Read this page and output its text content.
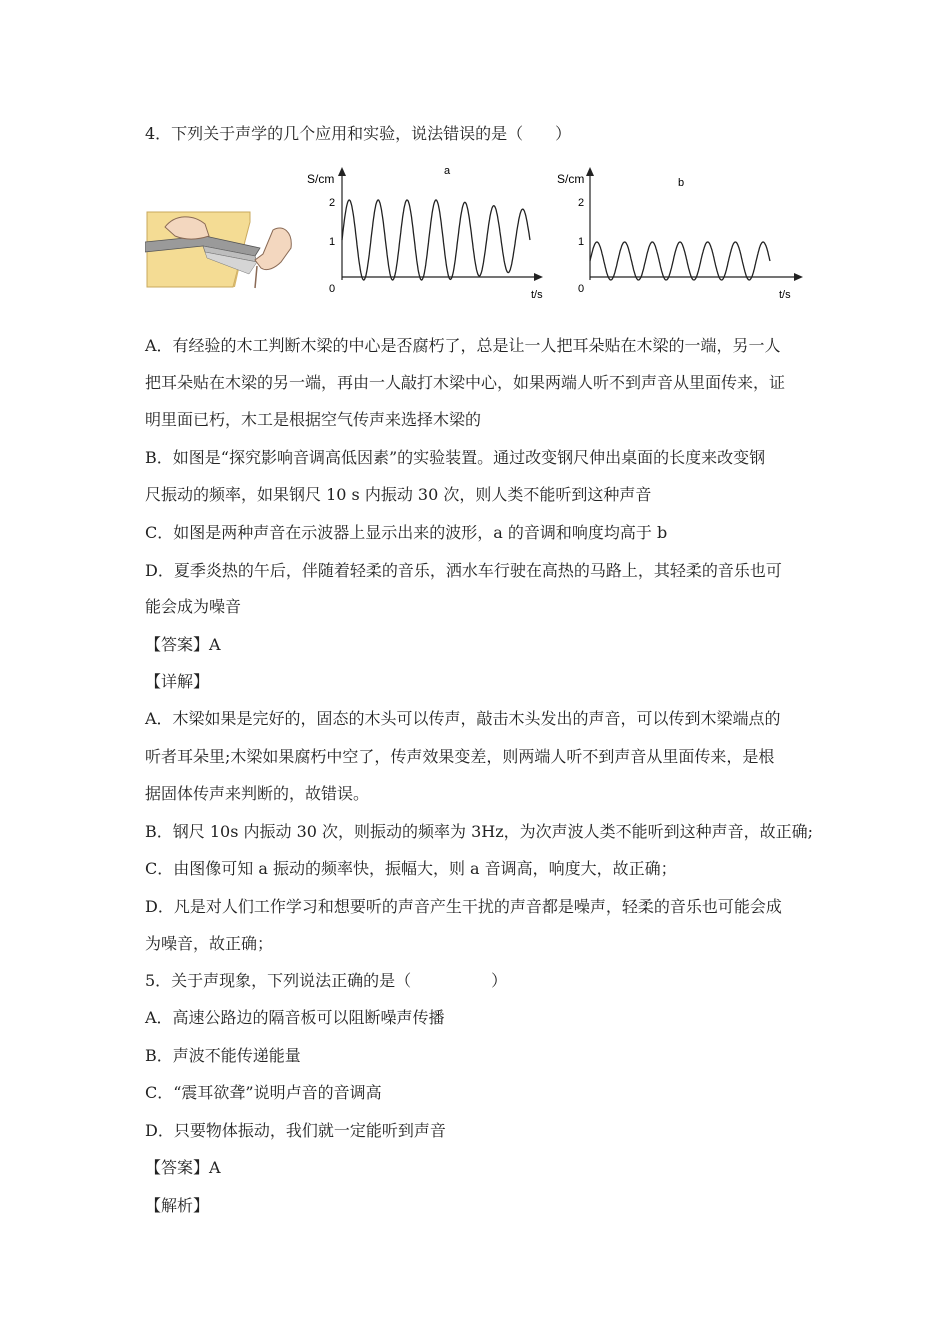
4．下列关于声学的几个应用和实验，说法错误的是（　　）
a
S/cm
2
1
0	t/s
b
S/cm
2
1
0	t/s
A．有经验的木工判断木梁的中心是否腐朽了，总是让一人把耳朵贴在木梁的一端，另一人
把耳朵贴在木梁的另一端，再由一人敲打木梁中心，如果两端人听不到声音从里面传来，证
明里面已朽，木工是根据空气传声来选择木梁的
B．如图是“探究影响音调高低因素”的实验装置。通过改变钢尺伸出桌面的长度来改变钢
尺振动的频率，如果钢尺 10 s 内振动 30 次，则人类不能听到这种声音
C．如图是两种声音在示波器上显示出来的波形，a 的音调和响度均高于 b
D．夏季炎热的午后，伴随着轻柔的音乐，洒水车行驶在高热的马路上，其轻柔的音乐也可
能会成为噪音
【答案】A
【详解】
A．木梁如果是完好的，固态的木头可以传声，敲击木头发出的声音，可以传到木梁端点的
听者耳朵里;木梁如果腐朽中空了，传声效果变差，则两端人听不到声音从里面传来，是根
据固体传声来判断的，故错误。
B．钢尺 10s 内振动 30 次，则振动的频率为 3Hz，为次声波人类不能听到这种声音，故正确;
C．由图像可知 a 振动的频率快，振幅大，则 a 音调高，响度大，故正确；
D．凡是对人们工作学习和想要听的声音产生干扰的声音都是噪声，轻柔的音乐也可能会成
为噪音，故正确；
5．关于声现象，下列说法正确的是（　　　　　）
A．高速公路边的隔音板可以阻断噪声传播
B．声波不能传递能量
C．“震耳欲聋”说明卢音的音调高
D．只要物体振动，我们就一定能听到声音
【答案】A
【解析】
